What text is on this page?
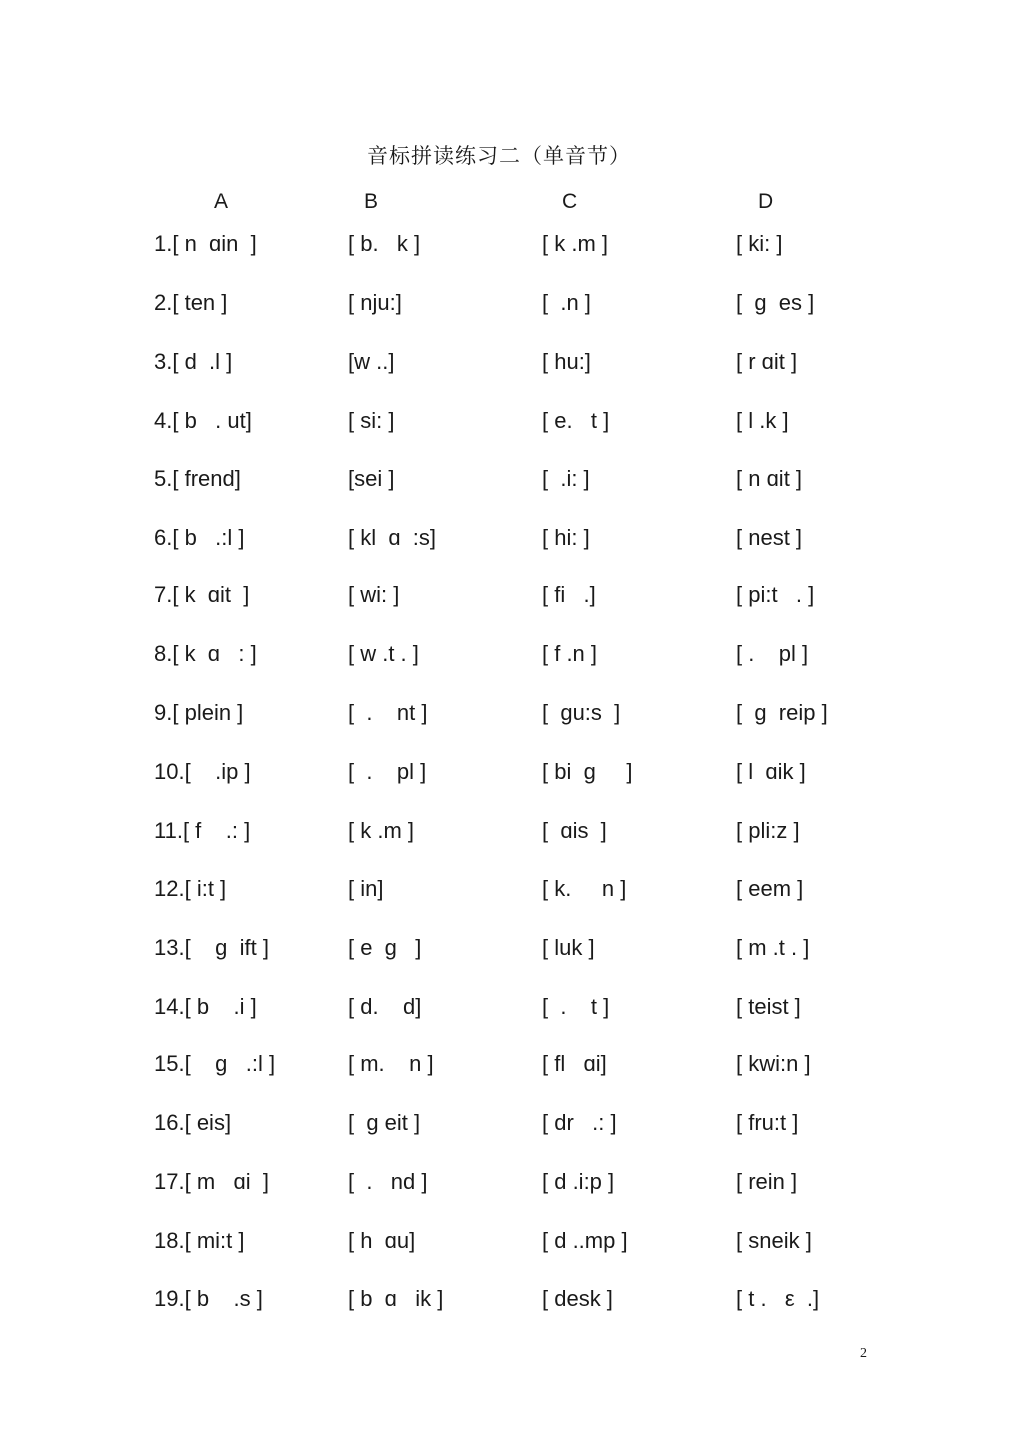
音标拼读练习二（单音节）
A	B	C	D
1.[ n  ɑin  ]	[ b.   k ]	[ k .m ]	[ ki: ]
2.[ ten ]	[ nju:]	[  .n ]	[  ɡ  es ]
3.[ d  .l ]	[w ..]	[ hu:]	[ r ɑit ]
4.[ b   . ut]	[ si: ]	[ e.   t ]	[ l .k ]
5.[ frend]	[sei ]	[  .i: ]	[ n ɑit ]
6.[ b   .:l ]	[ kl  ɑ  :s]	[ hi: ]	[ nest ]
7.[ k  ɑit  ]	[ wi: ]	[ fi   .]	[ pi:t   . ]
8.[ k  ɑ   : ]	[ w .t . ]	[ f .n ]	[ .    pl ]
9.[ plein ]	[  .    nt ]	[  ɡu:s  ]	[  ɡ  reip ]
10.[    .ip ]	[  .    pl ]	[ bi  ɡ     ]	[ l  ɑik ]
11.[ f    .: ]	[ k .m ]	[  ɑis  ]	[ pli:z ]
12.[ i:t ]	[ in]	[ k.     n ]	[ eem ]
13.[    ɡ  ift ]	[ e  ɡ   ]	[ luk ]	[ m .t . ]
14.[ b    .i ]	[ d.    d]	[  .    t ]	[ teist ]
15.[    ɡ   .:l ]	[ m.    n ]	[ fl   ɑi]	[ kwi:n ]
16.[ eis]	[  ɡ eit ]	[ dr   .: ]	[ fru:t ]
17.[ m   ɑi  ]	[  .   nd ]	[ d .i:p ]	[ rein ]
18.[ mi:t ]	[ h  ɑu]	[ d ..mp ]	[ sneik ]
19.[ b    .s ]	[ b  ɑ   ik ]	[ desk ]	[ t .   ε  .]
2
